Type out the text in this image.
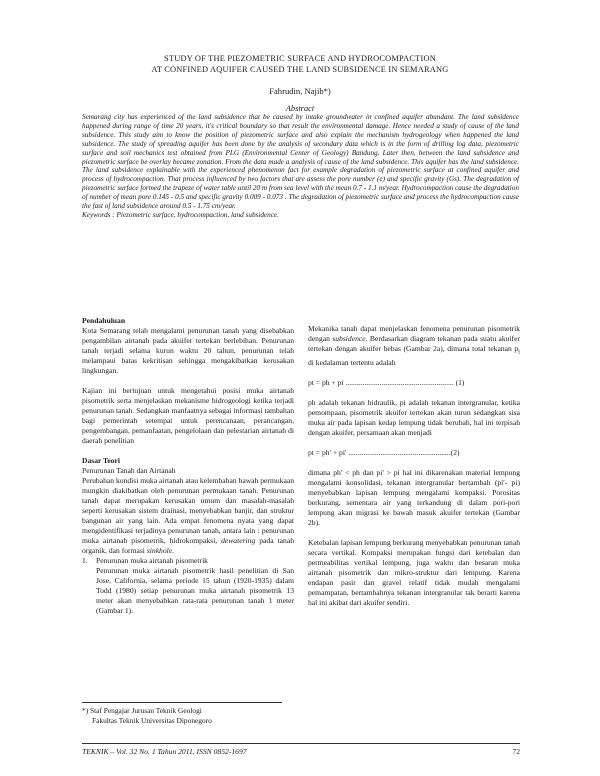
STUDY OF THE PIEZOMETRIC SURFACE AND HYDROCOMPACTION
AT CONFINED AQUIFER CAUSED THE LAND SUBSIDENCE IN SEMARANG
Fahrudin, Najib*)
Abstract
Semarang city has experienced of the land subsidence that be caused by intake groundwater in confined aquifer abundant. The land subsidence happened during range of time 20 years, it's critical boundary so that result the environmental damage. Hence needed a study of cause of the land subsidence. This study aim to know the position of piezometric surface and also explain the mechanism hydrogeology when happened the land subsidence. The study of spreading aquifer has been done by the analysis of secondary data which is in the form of drilling log data, piezometric surface and soil mechanics test obtained from PLG (Environmental Center of Geology) Bandung. Later then, between the land subsidence and piezometric surface be overlay became zonation. From the data made a analysis of cause of the land subsidence. This aquifer has the land subsidence. The land subsidence explainable with the experienced phenomenon fact for example degradation of piezometric surface at confined aquifer and process of hydrocompaction. That process influenced by two factors that are assess the pore number (e) and specific gravity (Gs). The degradation of piezometric surface formed the trapeze of water table until 20 m from sea level with the mean 0.7 - 1.1 m/year. Hydrocompaction cause the degradation of number of mean pore 0.145 - 0.5 and specific gravity 0.009 - 0.073 . The degradation of piezometric surface and process the hydrocompaction cause the fast of land subsidence around 0.5 - 1.75 cm/year.
Keywords : Piezometric surface, hydrocompaction, land subsidence.
Pendahuluan

Kota Semarang telah mengalami penurunan tanah yang disebabkan pengambilan airtanah pada akuifer tertekan berlebihan. Penurunan tanah terjadi selama kurun waktu 20 tahun, penurunan telah melampaui batas kekritisan sehingga mengakibatkan kerusakan lingkungan.

Kajian ini bertujuan untuk mengetahui posisi muka airtanah pisometrik serta menjelaskan mekanisme hidrogeologi ketika terjadi penurunan tanah. Sedangkan manfaatnya sebagai informasi tambahan bagi pemerintah setempat untuk perencanaan, perancangan, pengembangan, pemanfaatan, pengelolaan dan pelestarian airtanah di daerah penelitian

Dasar Teori
Penurunan Tanah dan Airtanah

Perubahan kondisi muka airtanah atau kelembaban bawah permukaan mungkin diakibatkan oleh penurunan permukaan tanah. Penurunan tanah dapat merupakan kerusakan umum dan masalah-masalah seperti kerusakan sistem drainasi, menyebabkan banjir, dan struktur bangunan air yang lain. Ada empat fenomena nyata yang dapat mengidentifikasi terjadinya penurunan tanah, antara lain : penurunan muka airtanah pisometrik, hidrokompaksi, dewatering pada tanah organik, dan formasi sinkhole.

1.	Penurunan muka airtanah pisometrik

Penurunan muka airtanah pisometrik hasil penelitian di San Jose, California, selama periode 15 tahun (1920-1935) dalam Todd (1980) setiap penurunan muka airtanah pisometrik 13 meter akan menyebabkan rata-rata penurunan tanah 1 meter (Gambar 1).

Mekanika tanah dapat menjelaskan fenomena penurunan pisometrik dengan subsidence. Berdasarkan diagram tekanan pada suatu akuifer tertekan dengan akuifer bebas (Gambar 2a), dimana total tekanan $p_t$ di kedalaman tertentu adalah

pt = ph + pi ......................................................... (1)

ph adalah tekanan hidraulik, pi adalah tekanan intergranular, ketika pemompaan, pisometrik akuifer tertekan akan turun sedangkan sisa muka air pada lapisan kedap lempung tidak berubah, hal ini terpisah dengan akuifer, persamaan akan menjadi

pt = ph' + pi' ......................................................(2)

dimana ph' < ph dan pi' > pi hal ini dikarenakan material lempung mengalami konsolidasi, tekanan intergranular bertambah (pi'- pi) menyebabkan lapisan lempung mengalami kompaksi. Porositas berkurang, sementara air yang terkandung di dalam pori-pori lempung akan migrasi ke bawah masuk akuifer tertekan (Gambar 2b).

Ketebalan lapisan lempung berkurang menyebabkan penurunan tanah secara vertikal. Kompaksi merupakan fungsi dari ketebalan dan permeabilitas vertikal lempung, juga waktu dan besaran muka airtanah pisometrik dan mikro-struktur dari lempung. Karena endapan pasir dan gravel relatif tidak mudah mengalami pemampatan, bertambahnya tekanan intergranular tak berarti karena hal ini akibat dari akuifer sendiri.

*) Staf Pengajar Jurusan Teknik Geologi
Fakultas Teknik Universitas Diponegoro
TEKNIK – Vol. 32 No. 1 Tahun 2011, ISSN 0852-1697	72
